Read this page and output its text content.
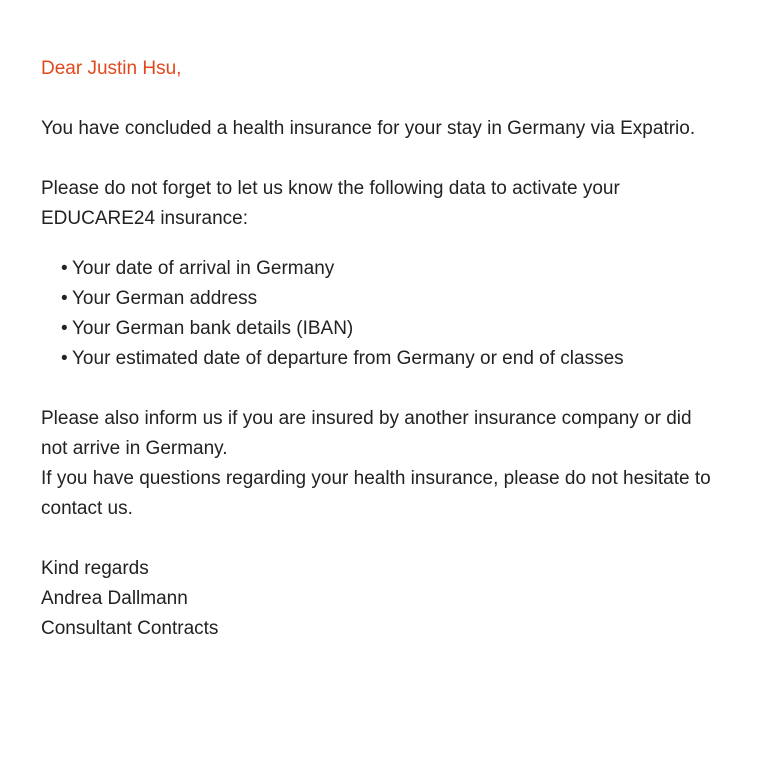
Dear Justin Hsu,

You have concluded a health insurance for your stay in Germany via Expatrio.

Please do not forget to let us know the following data to activate your EDUCARE24 insurance:

• Your date of arrival in Germany
• Your German address
• Your German bank details (IBAN)
• Your estimated date of departure from Germany or end of classes

Please also inform us if you are insured by another insurance company or did not arrive in Germany.

If you have questions regarding your health insurance, please do not hesitate to contact us.

Kind regards

Andrea Dallmann

Consultant Contracts
